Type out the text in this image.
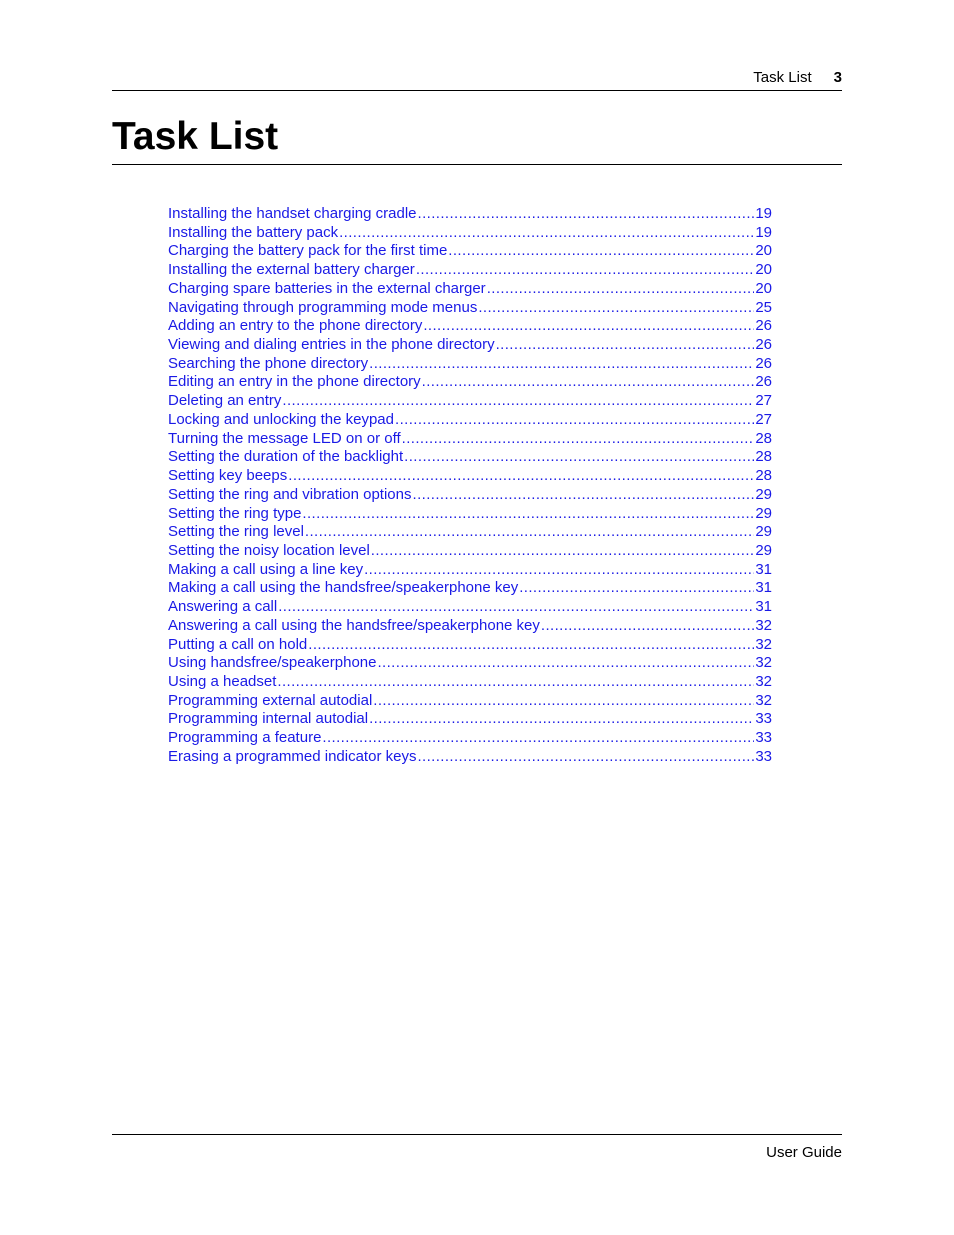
Task List 3
Task List
Installing the handset charging cradle .....	19
Installing the battery pack .....	19
Charging the battery pack for the first time .....	20
Installing the external battery charger .....	20
Charging spare batteries in the external charger .....	20
Navigating through programming mode menus .....	25
Adding an entry to the phone directory .....	26
Viewing and dialing entries in the phone directory .....	26
Searching the phone directory .....	26
Editing an entry in the phone directory .....	26
Deleting an entry .....	27
Locking and unlocking the keypad .....	27
Turning the message LED on or off .....	28
Setting the duration of the backlight .....	28
Setting key beeps .....	28
Setting the ring and vibration options .....	29
Setting the ring type .....	29
Setting the ring level .....	29
Setting the noisy location level .....	29
Making a call using a line key .....	31
Making a call using the handsfree/speakerphone key .....	31
Answering a call .....	31
Answering a call using the handsfree/speakerphone key .....	32
Putting a call on hold .....	32
Using handsfree/speakerphone .....	32
Using a headset .....	32
Programming external autodial .....	32
Programming internal autodial .....	33
Programming a feature .....	33
Erasing a programmed indicator keys .....	33
User Guide
